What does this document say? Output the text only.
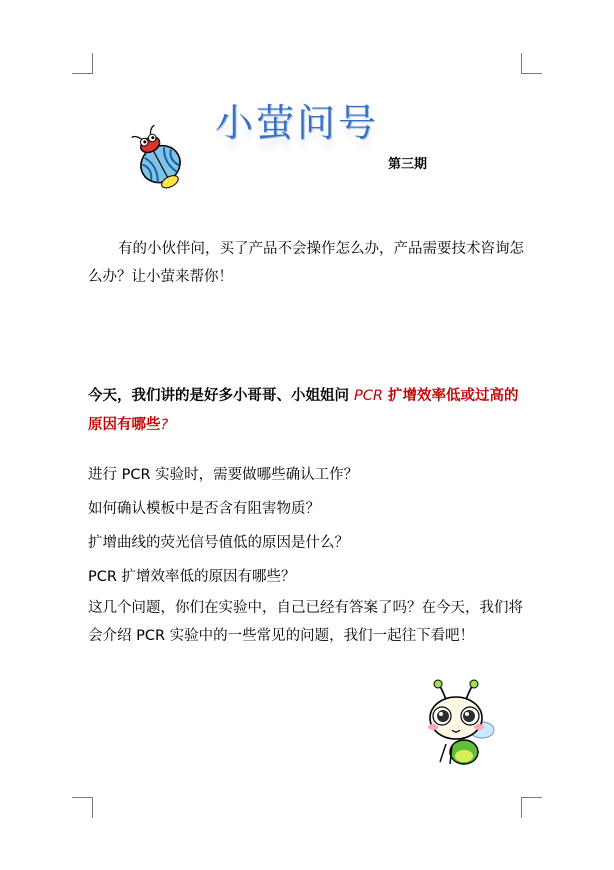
小萤问号
第三期

有的小伙伴问，买了产品不会操作怎么办，产品需要技术咨询怎么办？让小萤来帮你！

今天，我们讲的是好多小哥哥、小姐姐问 PCR 扩增效率低或过高的原因有哪些?

进行 PCR 实验时，需要做哪些确认工作？

如何确认模板中是否含有阻害物质？

扩增曲线的荧光信号值低的原因是什么？

PCR 扩增效率低的原因有哪些？

这几个问题，你们在实验中，自己已经有答案了吗？在今天，我们将会介绍 PCR 实验中的一些常见的问题，我们一起往下看吧！
